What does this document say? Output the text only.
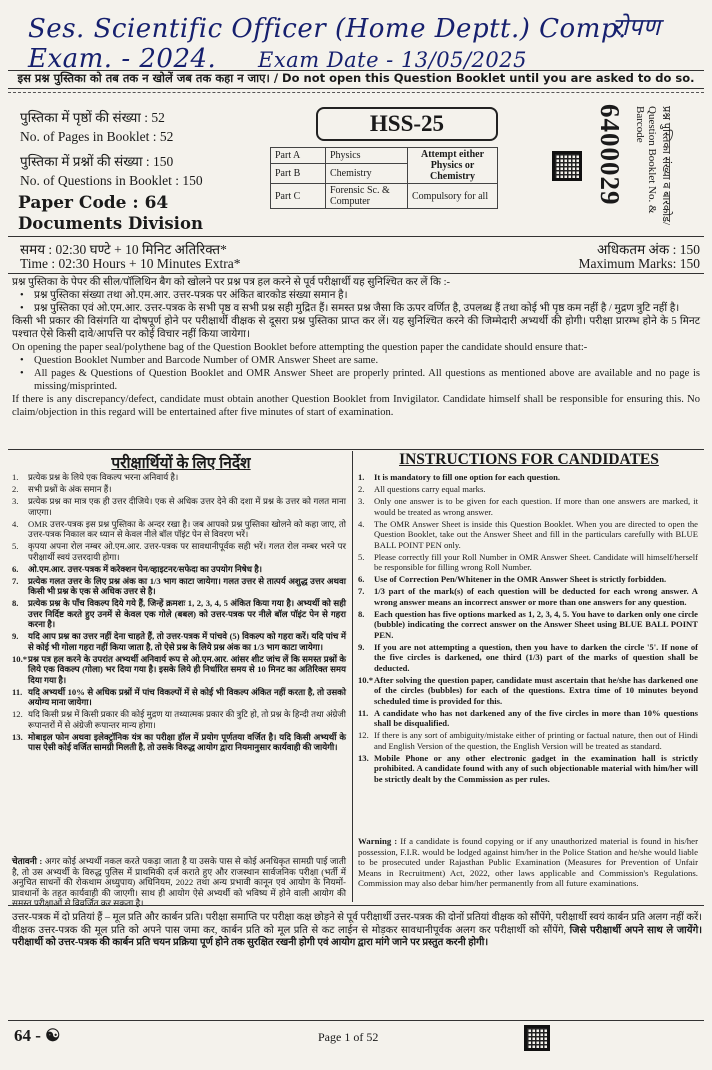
Ses. Scientific Officer (Home Deptt.) Comp. Exam. - 2024.	Exam Date - 13/05/2025
रोपण
इस प्रश्न पुस्तिका को तब तक न खोलें जब तक कहा न जाए। / Do not open this Question Booklet until you are asked to do so.
पुस्तिका में पृष्ठों की संख्या : 52
No. of Pages in Booklet : 52
पुस्तिका में प्रश्नों की संख्या : 150
No. of Questions in Booklet : 150
Paper Code : 64
Documents Division
HSS-25
Part A	Physics	Attempt either Physics or Chemistry
Part B	Chemistry	
Part C	Forensic Sc. & Computer	Compulsory for all	6400029	Question Booklet No. & Barcode	प्रश्न पुस्तिका संख्या व बारकोड/
समय : 02:30 घण्टे + 10 मिनिट अतिरिक्त*
Time : 02:30 Hours + 10 Minutes Extra*
अधिकतम अंक : 150
Maximum Marks: 150

प्रश्न पुस्तिका के पेपर की सील/पॉलिथिन बैग को खोलने पर प्रश्न पत्र हल करने से पूर्व परीक्षार्थी यह सुनिश्चित कर लें कि :-

• प्रश्न पुस्तिका संख्या तथा ओ.एम.आर. उत्तर-पत्रक पर अंकित बारकोड संख्या समान है।

• प्रश्न पुस्तिका एवं ओ.एम.आर. उत्तर-पत्रक के सभी पृष्ठ व सभी प्रश्न सही मुद्रित हैं। समस्त प्रश्न जैसा कि ऊपर वर्णित है, उपलब्ध हैं तथा कोई भी पृष्ठ कम नहीं है / मुद्रण त्रुटि नहीं है।

किसी भी प्रकार की विसंगति या दोषपूर्ण होने पर परीक्षार्थी वीक्षक से दूसरा प्रश्न पुस्तिका प्राप्त कर लें। यह सुनिश्चित करने की जिम्मेदारी अभ्यर्थी की होगी। परीक्षा प्रारम्भ होने के 5 मिनट पश्चात ऐसे किसी दावे/आपत्ति पर कोई विचार नहीं किया जायेगा।

On opening the paper seal/polythene bag of the Question Booklet before attempting the question paper the candidate should ensure that:-

• Question Booklet Number and Barcode Number of OMR Answer Sheet are same.

• All pages & Questions of Question Booklet and OMR Answer Sheet are properly printed. All questions as mentioned above are available and no page is missing/misprinted.

If there is any discrepancy/defect, candidate must obtain another Question Booklet from Invigilator. Candidate himself shall be responsible for ensuring this. No claim/objection in this regard will be entertained after five minutes of start of examination.

परीक्षार्थियों के लिए निर्देश
1. प्रत्येक प्रश्न के लिये एक विकल्प भरना अनिवार्य है।
2. सभी प्रश्नों के अंक समान हैं।
3. प्रत्येक प्रश्न का मात्र एक ही उत्तर दीजिये। एक से अधिक उत्तर देने की दशा में प्रश्न के उत्तर को गलत माना जाएगा।
4. OMR उत्तर-पत्रक इस प्रश्न पुस्तिका के अन्दर रखा है। जब आपको प्रश्न पुस्तिका खोलने को कहा जाए, तो उत्तर-पत्रक निकाल कर ध्यान से केवल नीले बॉल पॉइंट पेन से विवरण भरें।
5. कृपया अपना रोल नम्बर ओ.एम.आर. उत्तर-पत्रक पर सावधानीपूर्वक सही भरें। गलत रोल नम्बर भरने पर परीक्षार्थी स्वयं उत्तरदायी होगा।
6. ओ.एम.आर. उत्तर-पत्रक में करेक्शन पेन/व्हाइटनर/सफेदा का उपयोग निषेध है।
7. प्रत्येक गलत उत्तर के लिए प्रश्न अंक का 1/3 भाग काटा जायेगा। गलत उत्तर से तात्पर्य अशुद्ध उत्तर अथवा किसी भी प्रश्न के एक से अधिक उत्तर से है।
8. प्रत्येक प्रश्न के पाँच विकल्प दिये गये हैं, जिन्हें क्रमशः 1, 2, 3, 4, 5 अंकित किया गया है। अभ्यर्थी को सही उत्तर निर्दिष्ट करते हुए उनमें से केवल एक गोले (बबल) को उत्तर-पत्रक पर नीले बॉल पॉइंट पेन से गहरा करना है।
9. यदि आप प्रश्न का उत्तर नहीं देना चाहते हैं, तो उत्तर-पत्रक में पांचवे (5) विकल्प को गहरा करें। यदि पांच में से कोई भी गोला गहरा नहीं किया जाता है, तो ऐसे प्रश्न के लिये प्रश्न अंक का 1/3 भाग काटा जायेगा।
10.* प्रश्न पत्र हल करने के उपरांत अभ्यर्थी अनिवार्य रूप से ओ.एम.आर. आंसर शीट जांच लें कि समस्त प्रश्नों के लिये एक विकल्प (गोला) भर दिया गया है। इसके लिये ही निर्धारित समय से 10 मिनट का अतिरिक्त समय दिया गया है।
11. यदि अभ्यर्थी 10% से अधिक प्रश्नों में पांच विकल्पों में से कोई भी विकल्प अंकित नहीं करता है, तो उसको अयोग्य माना जायेगा।
12. यदि किसी प्रश्न में किसी प्रकार की कोई मुद्रण या तथ्यात्मक प्रकार की त्रुटि हो, तो प्रश्न के हिन्दी तथा अंग्रेजी रूपान्तरों में से अंग्रेजी रूपान्तर मान्य होगा।
13. मोबाइल फोन अथवा इलेक्ट्रॉनिक यंत्र का परीक्षा हॉल में प्रयोग पूर्णतया वर्जित है। यदि किसी अभ्यर्थी के पास ऐसी कोई वर्जित सामग्री मिलती है, तो उसके विरुद्ध आयोग द्वारा नियमानुसार कार्यवाही की जायेगी।
चेतावनी : अगर कोई अभ्यर्थी नकल करते पकड़ा जाता है या उसके पास से कोई अनधिकृत सामग्री पाई जाती है, तो उस अभ्यर्थी के विरुद्ध पुलिस में प्राथमिकी दर्ज कराते हुए और राजस्थान सार्वजनिक परीक्षा (भर्ती में अनुचित साधनों की रोकथाम अध्युपाय) अधिनियम, 2022 तथा अन्य प्रभावी कानून एवं आयोग के नियमों-प्रावधानों के तहत कार्यवाही की जाएगी। साथ ही आयोग ऐसे अभ्यर्थी को भविष्य में होने वाली आयोग की समस्त परीक्षाओं से विवर्जित कर सकता है।
INSTRUCTIONS FOR CANDIDATES
1. It is mandatory to fill one option for each question.
2. All questions carry equal marks.
3. Only one answer is to be given for each question. If more than one answers are marked, it would be treated as wrong answer.
4. The OMR Answer Sheet is inside this Question Booklet. When you are directed to open the Question Booklet, take out the Answer Sheet and fill in the particulars carefully with BLUE BALL POINT PEN only.
5. Please correctly fill your Roll Number in OMR Answer Sheet. Candidate will himself/herself be responsible for filling wrong Roll Number.
6. Use of Correction Pen/Whitener in the OMR Answer Sheet is strictly forbidden.
7. 1/3 part of the mark(s) of each question will be deducted for each wrong answer. A wrong answer means an incorrect answer or more than one answers for any question.
8. Each question has five options marked as 1, 2, 3, 4, 5. You have to darken only one circle (bubble) indicating the correct answer on the Answer Sheet using BLUE BALL POINT PEN.
9. If you are not attempting a question, then you have to darken the circle '5'. If none of the five circles is darkened, one third (1/3) part of the marks of question shall be deducted.
10.* After solving the question paper, candidate must ascertain that he/she has darkened one of the circles (bubbles) for each of the questions. Extra time of 10 minutes beyond scheduled time is provided for this.
11. A candidate who has not darkened any of the five circles in more than 10% questions shall be disqualified.
12. If there is any sort of ambiguity/mistake either of printing or factual nature, then out of Hindi and English Version of the question, the English Version will be treated as standard.
13. Mobile Phone or any other electronic gadget in the examination hall is strictly prohibited. A candidate found with any of such objectionable material with him/her will be strictly dealt by the Commission as per rules.
Warning : If a candidate is found copying or if any unauthorized material is found in his/her possession, F.I.R. would be lodged against him/her in the Police Station and he/she would liable to be prosecuted under Rajasthan Public Examination (Measures for Prevention of Unfair Means in Recruitment) Act, 2022, other laws applicable and Commission's Regulations. Commission may also debar him/her permanently from all future examinations.
उत्तर-पत्रक में दो प्रतियां हैं – मूल प्रति और कार्बन प्रति। परीक्षा समाप्ति पर परीक्षा कक्ष छोड़ने से पूर्व परीक्षार्थी उत्तर-पत्रक की दोनों प्रतियां वीक्षक को सौंपेंगे, परीक्षार्थी स्वयं कार्बन प्रति अलग नहीं करें। वीक्षक उत्तर-पत्रक की मूल प्रति को अपने पास जमा कर, कार्बन प्रति को मूल प्रति से कट लाईन से मोड़कर सावधानीपूर्वक अलग कर परीक्षार्थी को सौंपेंगे, जिसे परीक्षार्थी अपने साथ ले जायेंगे। परीक्षार्थी को उत्तर-पत्रक की कार्बन प्रति चयन प्रक्रिया पूर्ण होने तक सुरक्षित रखनी होगी एवं आयोग द्वारा मांगे जाने पर प्रस्तुत करनी होगी।
64 - ☯	Page 1 of 52
